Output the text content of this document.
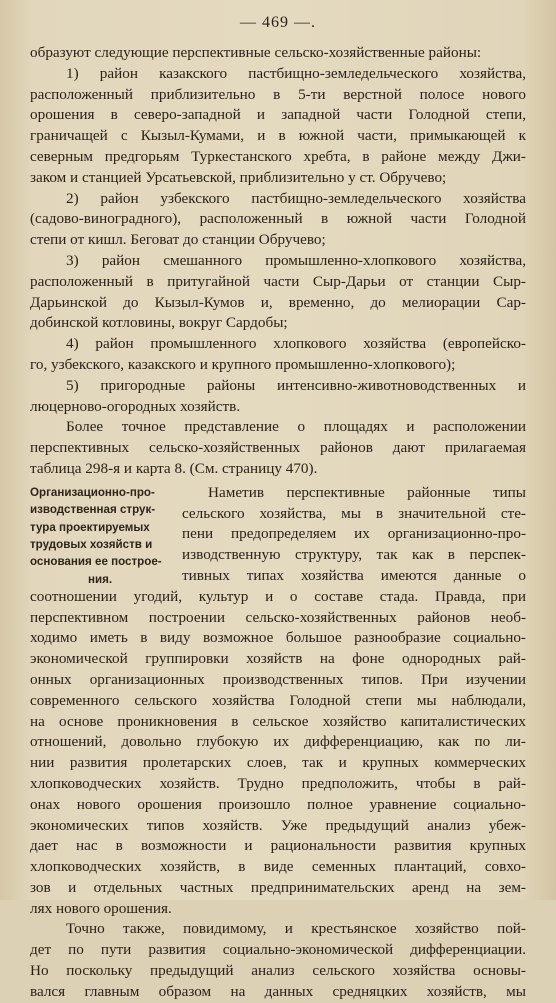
— 469 —.
образуют следующие перспективные сельско-хозяйственные районы:
1) район казакского пастбищно-земледельческого хозяйства,
расположенный приблизительно в 5-ти верстной полосе нового
орошения в северо-западной и западной части Голодной степи,
граничащей с Кызыл-Кумами, и в южной части, примыкающей к
северным предгорьям Туркестанского хребта, в районе между Джи-
заком и станцией Урсатьевской, приблизительно у ст. Обручево;
2) район узбекского пастбищно-земледельческого хозяйства
(садово-виноградного), расположенный в южной части Голодной
степи от кишл. Беговат до станции Обручево;
3) район смешанного промышленно-хлопкового хозяйства,
расположенный в притугайной части Сыр-Дарьи от станции Сыр-
Дарьинской до Кызыл-Кумов и, временно, до мелиорации Сар-
добинской котловины, вокруг Сардобы;
4) район промышленного хлопкового хозяйства (европейско-
го, узбекского, казакского и крупного промышленно-хлопкового);
5) пригородные районы интенсивно-животноводственных и
люцерново-огородных хозяйств.
Более точное представление о площадях и расположении
перспективных сельско-хозяйственных районов дают прилагаемая
таблица 298-я и карта 8. (См. страницу 470).
Организационно-про-
изводственная струк-
тура проектируемых
трудовых хозяйств и
основания ее построе-
ния.
Наметив перспективные районные типы
сельского хозяйства, мы в значительной сте-
пени предопределяем их организационно-про-
изводственную структуру, так как в перспек-
тивных типах хозяйства имеются данные о
соотношении угодий, культур и о составе стада. Правда, при
перспективном построении сельско-хозяйственных районов необ-
ходимо иметь в виду возможное большое разнообразие социально-
экономической группировки хозяйств на фоне однородных рай-
онных организационных производственных типов. При изучении
современного сельского хозяйства Голодной степи мы наблюдали,
на основе проникновения в сельское хозяйство капиталистических
отношений, довольно глубокую их дифференциацию, как по ли-
нии развития пролетарских слоев, так и крупных коммерческих
хлопководческих хозяйств. Трудно предположить, чтобы в рай-
онах нового орошения произошло полное уравнение социально-
экономических типов хозяйств. Уже предыдущий анализ убеж-
дает нас в возможности и рациональности развития крупных
хлопководческих хозяйств, в виде семенных плантаций, совхо-
зов и отдельных частных предпринимательских аренд на зем-
лях нового орошения.
Точно также, повидимому, и крестьянское хозяйство пой-
дет по пути развития социально-экономической дифференциации.
Но поскольку предыдущий анализ сельского хозяйства основы-
вался главным образом на данных средняцких хозяйств, мы
